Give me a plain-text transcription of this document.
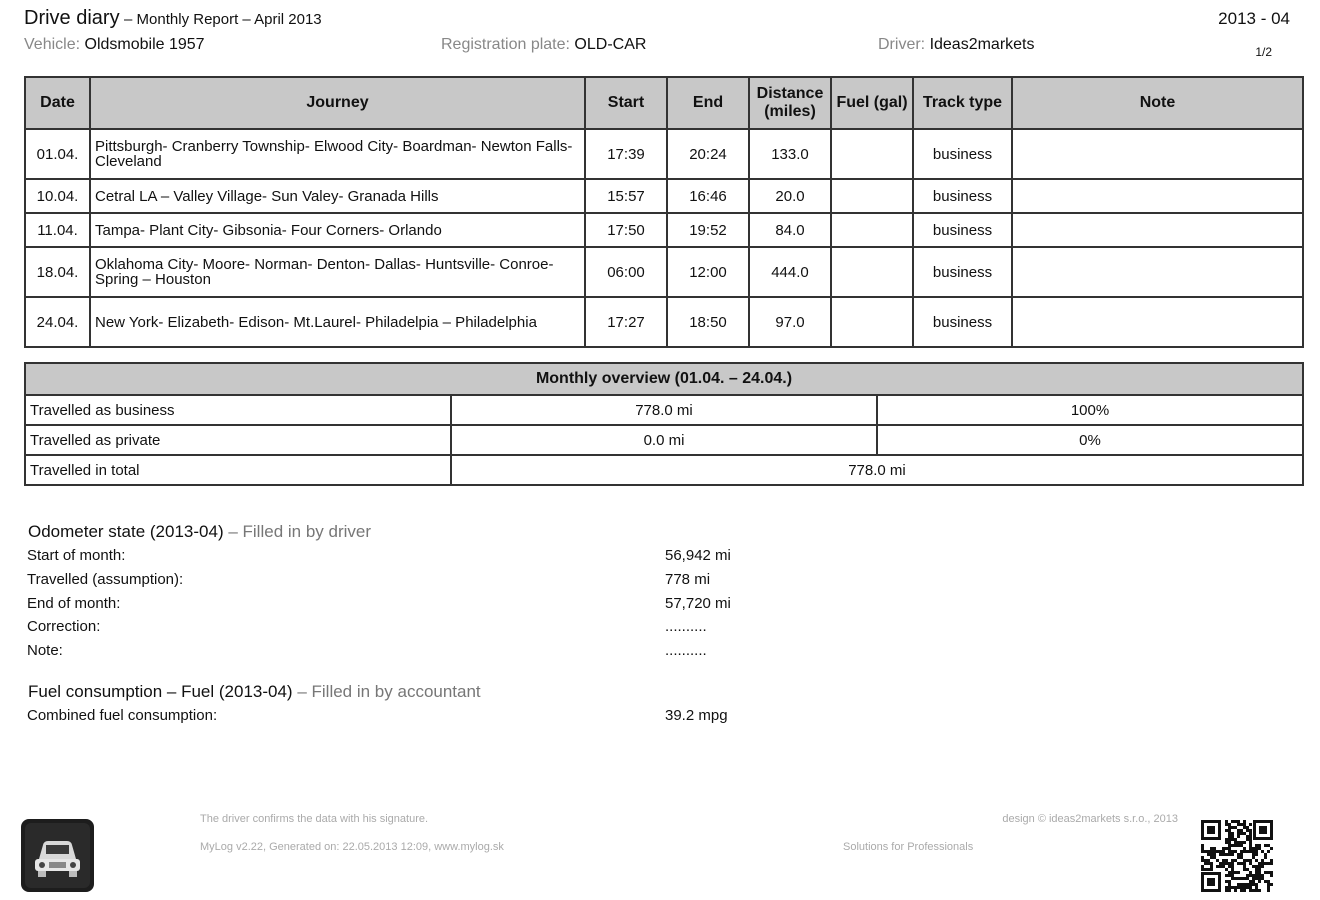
Drive diary – Monthly Report – April 2013	2013 - 04
1/2
Vehicle: Oldsmobile 1957	Registration plate: OLD-CAR	Driver: Ideas2markets
Date	Journey	Start	End	Distance (miles)	Fuel (gal)	Track type	Note
01.04.	Pittsburgh- Cranberry Township- Elwood City- Boardman- Newton Falls- Cleveland	17:39	20:24	133.0		business	
10.04.	Cetral LA – Valley Village- Sun Valey- Granada Hills	15:57	16:46	20.0		business	
11.04.	Tampa- Plant City- Gibsonia- Four Corners- Orlando	17:50	19:52	84.0		business	
18.04.	Oklahoma City- Moore- Norman- Denton- Dallas- Huntsville- Conroe- Spring – Houston	06:00	12:00	444.0		business	
24.04.	New York- Elizabeth- Edison- Mt.Laurel- Philadelpia – Philadelphia	17:27	18:50	97.0		business	
Monthly overview (01.04. – 24.04.)		
Travelled as business	778.0 mi	100%
Travelled as private	0.0 mi	0%
Travelled in total	778.0 mi	
Odometer state (2013-04) – Filled in by driver
Start of month:	56,942 mi
Travelled (assumption):	778 mi
End of month:	57,720 mi
Correction:	..........
Note:	..........
Fuel consumption – Fuel (2013-04) – Filled in by accountant
Combined fuel consumption:	39.2 mpg
The driver confirms the data with his signature.
MyLog v2.22, Generated on: 22.05.2013 12:09, www.mylog.sk
design © ideas2markets s.r.o., 2013
Solutions for Professionals
